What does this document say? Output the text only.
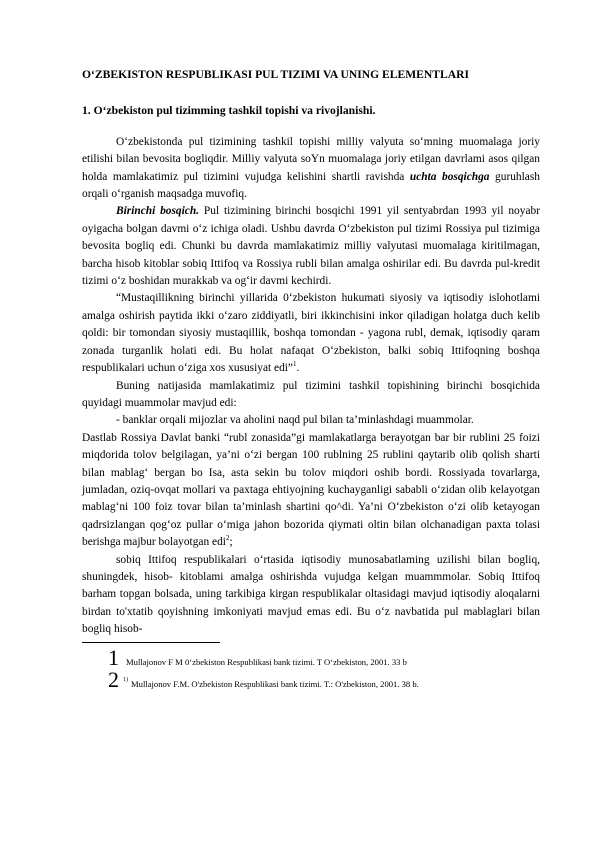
O‘ZBEKISTON RESPUBLIKASI PUL TIZIMI VA UNING ELEMENTLARI
1. O‘zbekiston pul tizimming tashkil topishi va rivojlanishi.

O‘zbekistonda pul tizimining tashkil topishi milliy valyuta so‘mning muomalaga joriy etilishi bilan bevosita bogliqdir. Milliy valyuta soYn muomalaga joriy etilgan davrlami asos qilgan holda mamlakatimiz pul tizimini vujudga kelishini shartli ravishda uchta bosqichga guruhlash orqali o‘rganish maqsadga muvofiq.

Birinchi bosqich. Pul tizimining birinchi bosqichi 1991 yil sentyabrdan 1993 yil noyabr oyigacha bolgan davmi o‘z ichiga oladi. Ushbu davrda O‘zbekiston pul tizimi Rossiya pul tizimiga bevosita bogliq edi. Chunki bu davrda mamlakatimiz milliy valyutasi muomalaga kiritilmagan, barcha hisob kitoblar sobiq Ittifoq va Rossiya rubli bilan amalga oshirilar edi. Bu davrda pul-kredit tizimi o‘z boshidan murakkab va og‘ir davmi kechirdi.

“Mustaqillikning birinchi yillarida 0‘zbekiston hukumati siyosiy va iqtisodiy islohotlami amalga oshirish paytida ikki o‘zaro ziddiyatli, biri ikkinchisini inkor qiladigan holatga duch kelib qoldi: bir tomondan siyosiy mustaqillik, boshqa tomondan - yagona rubl, demak, iqtisodiy qaram zonada turganlik holati edi. Bu holat nafaqat O‘zbekiston, balki sobiq Ittifoqning boshqa respublikalari uchun o‘ziga xos xususiyat edi”$^1$.

Buning natijasida mamlakatimiz pul tizimini tashkil topishining birinchi bosqichida quyidagi muammolar mavjud edi:

- banklar orqali mijozlar va aholini naqd pul bilan ta’minlashdagi muammolar.

Dastlab Rossiya Davlat banki “rubl zonasida”gi mamlakatlarga berayotgan bar bir rublini 25 foizi miqdorida tolov belgilagan, ya’ni o‘zi bergan 100 rublning 25 rublini qaytarib olib qolish sharti bilan mablag‘ bergan bo Isa, asta sekin bu tolov miqdori oshib bordi. Rossiyada tovarlarga, jumladan, oziq-ovqat mollari va paxtaga ehtiyojning kuchayganligi sababli o‘zidan olib kelayotgan mablag‘ni 100 foiz tovar bilan ta’minlash shartini qo^di. Ya’ni O‘zbekiston o‘zi olib ketayogan qadrsizlangan qog‘oz pullar o‘miga jahon bozorida qiymati oltin bilan olchanadigan paxta tolasi berishga majbur bolayotgan edi$^2$;

sobiq Ittifoq respublikalari o‘rtasida iqtisodiy munosabatlaming uzilishi bilan bogliq, shuningdek, hisob- kitoblami amalga oshirishda vujudga kelgan muammmolar. Sobiq Ittifoq barham topgan bolsada, uning tarkibiga kirgan respublikalar oltasidagi mavjud iqtisodiy aloqalarni birdan to'xtatib qoyishning imkoniyati mavjud emas edi. Bu o‘z navbatida pul mablaglari bilan bogliq hisob-

1 Mullajonov F M 0‘zbekiston Respublikasi bank tizimi. T O‘zbekiston, 2001. 33 b
2 1) Mullajonov F.M. O'zbekiston Respublikasi bank tizimi. T.: O'zbekiston, 2001. 38 b.
